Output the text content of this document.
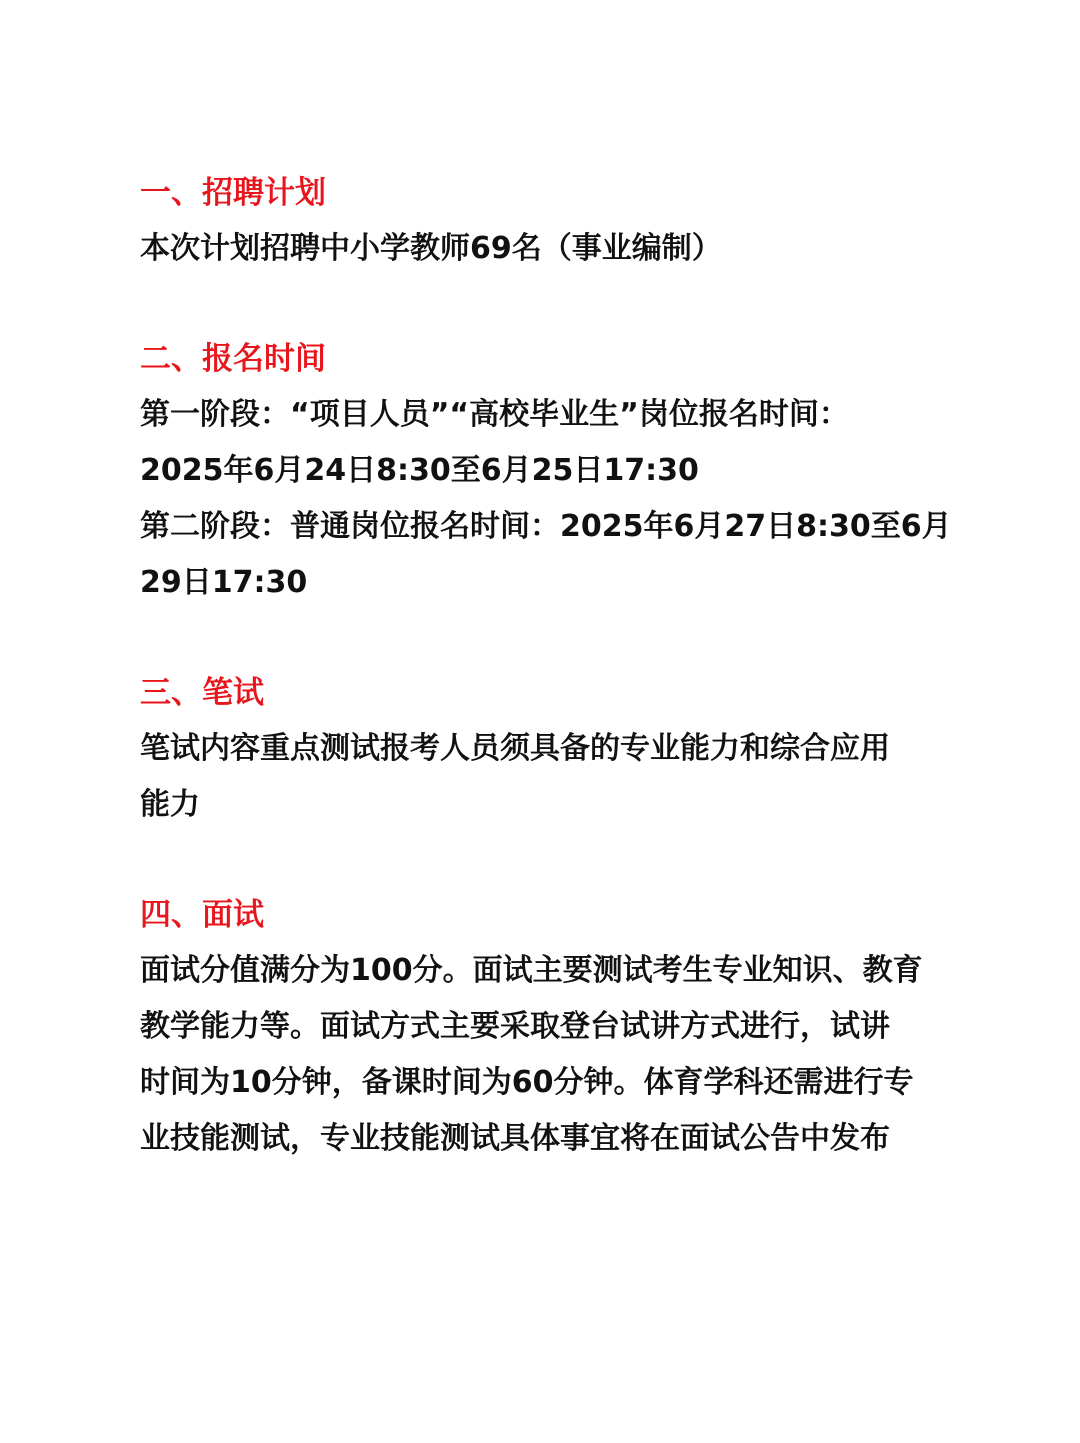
一、招聘计划
本次计划招聘中小学教师69名（事业编制）
二、报名时间
第一阶段：“项目人员”“高校毕业生”岗位报名时间：
2025年6月24日8:30至6月25日17:30
第二阶段：普通岗位报名时间：2025年6月27日8:30至6月
29日17:30
三、笔试
笔试内容重点测试报考人员须具备的专业能力和综合应用
能力
四、面试
面试分值满分为100分。面试主要测试考生专业知识、教育
教学能力等。面试方式主要采取登台试讲方式进行，试讲
时间为10分钟，备课时间为60分钟。体育学科还需进行专
业技能测试，专业技能测试具体事宜将在面试公告中发布
